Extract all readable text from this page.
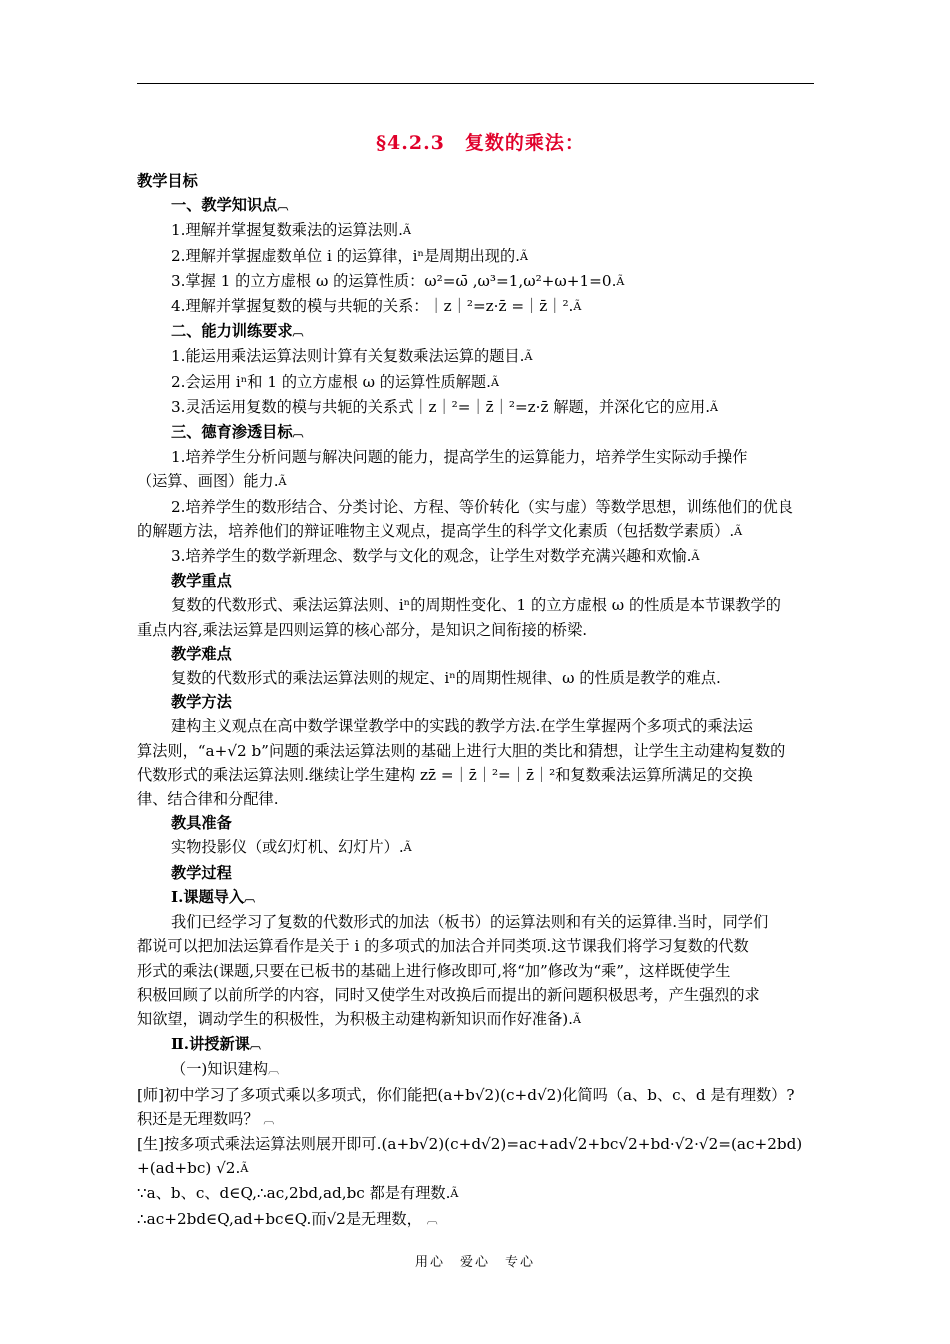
§4.2.3　复数的乘法：

教学目标

一、教学知识点︹

1.理解并掌握复数乘法的运算法则.Ã

2.理解并掌握虚数单位 i 的运算律，iⁿ是周期出现的.Ã

3.掌握 1 的立方虚根 ω 的运算性质：ω²=ω̄ ,ω³=1,ω²+ω+1=0.Ã

4.理解并掌握复数的模与共轭的关系：｜z｜²=z·z̄ =｜z̄｜².Ã

二、能力训练要求︹

1.能运用乘法运算法则计算有关复数乘法运算的题目.Ã

2.会运用 iⁿ和 1 的立方虚根 ω 的运算性质解题.Ã

3.灵活运用复数的模与共轭的关系式｜z｜²=｜z̄｜²=z·z̄ 解题，并深化它的应用.Ã

三、德育渗透目标︹

1.培养学生分析问题与解决问题的能力，提高学生的运算能力，培养学生实际动手操作

（运算、画图）能力.Ã

2.培养学生的数形结合、分类讨论、方程、等价转化（实与虚）等数学思想，训练他们的优良

的解题方法，培养他们的辩证唯物主义观点，提高学生的科学文化素质（包括数学素质）.Ã

3.培养学生的数学新理念、数学与文化的观念，让学生对数学充满兴趣和欢愉.Ã

教学重点

复数的代数形式、乘法运算法则、iⁿ的周期性变化、1 的立方虚根 ω 的性质是本节课教学的

重点内容,乘法运算是四则运算的核心部分，是知识之间衔接的桥梁.

教学难点

复数的代数形式的乘法运算法则的规定、iⁿ的周期性规律、ω 的性质是教学的难点.

教学方法

建构主义观点在高中数学课堂教学中的实践的教学方法.在学生掌握两个多项式的乘法运

算法则，“a+√2 b”问题的乘法运算法则的基础上进行大胆的类比和猜想，让学生主动建构复数的

代数形式的乘法运算法则.继续让学生建构 zz̄ =｜z̄｜²=｜z̄｜²和复数乘法运算所满足的交换

律、结合律和分配律.

教具准备

实物投影仪（或幻灯机、幻灯片）.Ã

教学过程

Ⅰ.课题导入︹

我们已经学习了复数的代数形式的加法（板书）的运算法则和有关的运算律.当时，同学们

都说可以把加法运算看作是关于 i 的多项式的加法合并同类项.这节课我们将学习复数的代数

形式的乘法(课题,只要在已板书的基础上进行修改即可,将“加”修改为“乘”，这样既使学生

积极回顾了以前所学的内容，同时又使学生对改换后而提出的新问题积极思考，产生强烈的求

知欲望，调动学生的积极性，为积极主动建构新知识而作好准备).Ã

Ⅱ.讲授新课︹

（一)知识建构︹

[师]初中学习了多项式乘以多项式，你们能把(a+b√2)(c+d√2)化简吗（a、b、c、d 是有理数）?

积还是无理数吗？ ︹

[生]按多项式乘法运算法则展开即可.(a+b√2)(c+d√2)=ac+ad√2+bc√2+bd·√2·√2=(ac+2bd)

+(ad+bc) √2.Ã

∵a、b、c、d∈Q,∴ac,2bd,ad,bc 都是有理数.Ã

∴ac+2bd∈Q,ad+bc∈Q.而√2是无理数， ︹

用心　爱心　专心
